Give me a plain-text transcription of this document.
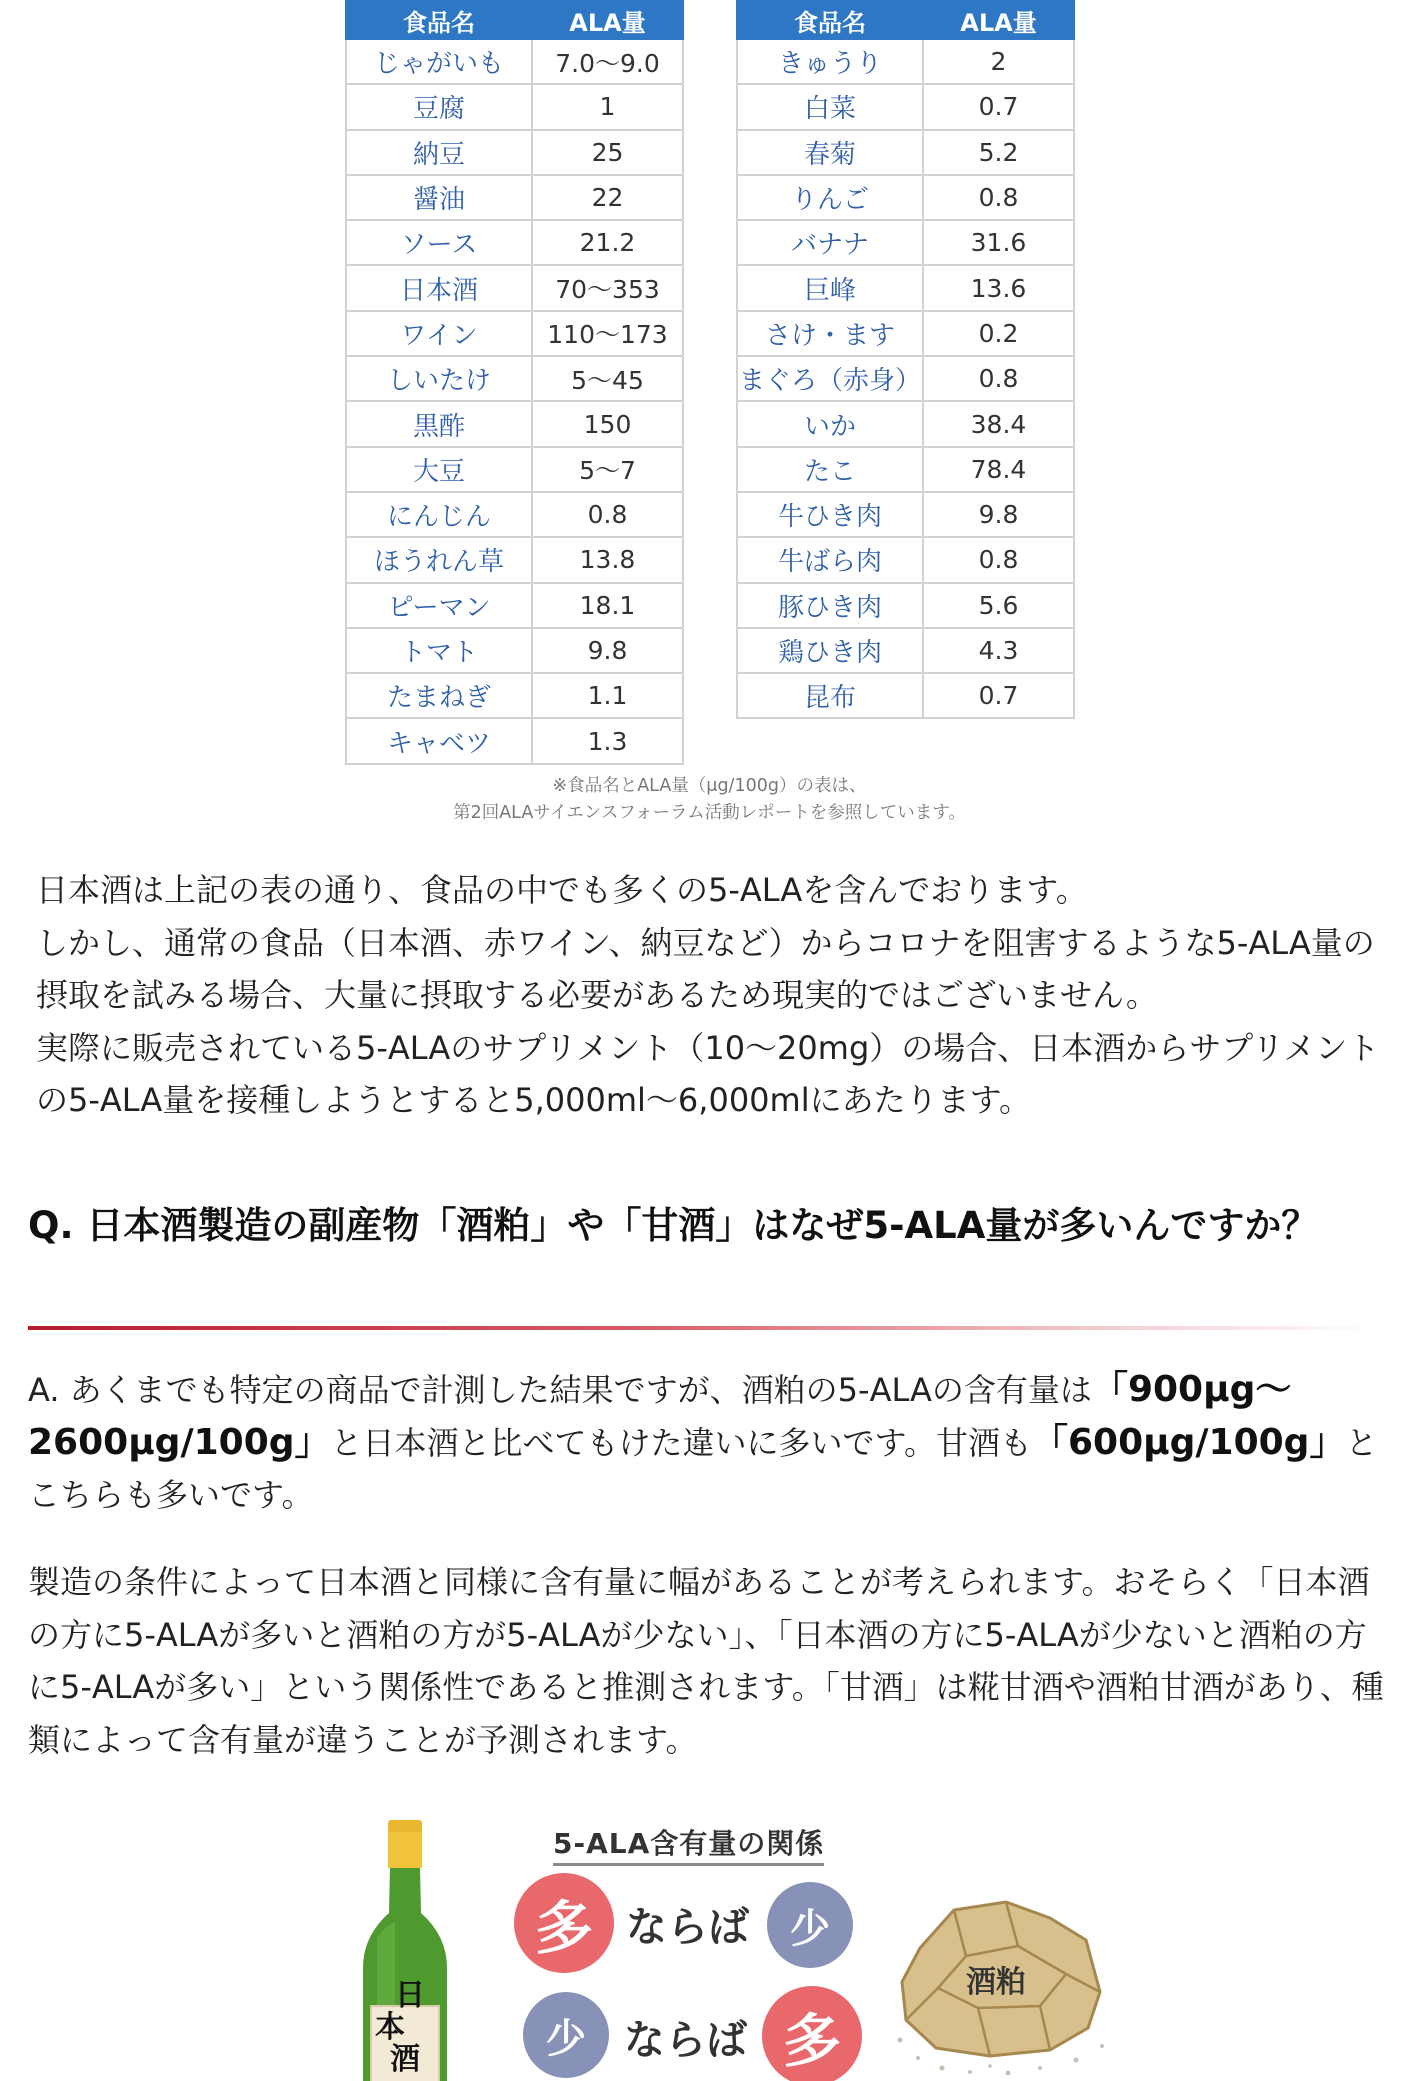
食品名	ALA量
じゃがいも	7.0〜9.0
豆腐	1
納豆	25
醤油	22
ソース	21.2
日本酒	70〜353
ワイン	110〜173
しいたけ	5〜45
黒酢	150
大豆	5〜7
にんじん	0.8
ほうれん草	13.8
ピーマン	18.1
トマト	9.8
たまねぎ	1.1
キャベツ	1.3
食品名	ALA量
きゅうり	2
白菜	0.7
春菊	5.2
りんご	0.8
バナナ	31.6
巨峰	13.6
さけ・ます	0.2
まぐろ（赤身）	0.8
いか	38.4
たこ	78.4
牛ひき肉	9.8
牛ばら肉	0.8
豚ひき肉	5.6
鶏ひき肉	4.3
昆布	0.7
※食品名とALA量（μg/100g）の表は、
第2回ALAサイエンスフォーラム活動レポートを参照しています。
日本酒は上記の表の通り、食品の中でも多くの5-ALAを含んでおります。
しかし、通常の食品（日本酒、赤ワイン、納豆など）からコロナを阻害するような5-ALA量の摂取を試みる場合、大量に摂取する必要があるため現実的ではございません。
実際に販売されている5-ALAのサプリメント（10〜20mg）の場合、日本酒からサプリメントの5-ALA量を接種しようとすると5,000ml〜6,000mlにあたります。
Q. 日本酒製造の副産物「酒粕」や「甘酒」はなぜ5-ALA量が多いんですか？
A. あくまでも特定の商品で計測した結果ですが、酒粕の5-ALAの含有量は「900μg〜2600μg/100g」と日本酒と比べてもけた違いに多いです。甘酒も「600μg/100g」とこちらも多いです。
製造の条件によって日本酒と同様に含有量に幅があることが考えられます。おそらく「日本酒の方に5-ALAが多いと酒粕の方が5-ALAが少ない」、「日本酒の方に5-ALAが少ないと酒粕の方に5-ALAが多い」という関係性であると推測されます。「甘酒」は糀甘酒や酒粕甘酒があり、種類によって含有量が違うことが予測されます。
日
本
酒
5-ALA含有量の関係
多 ならば	少
少 ならば 多
酒粕
